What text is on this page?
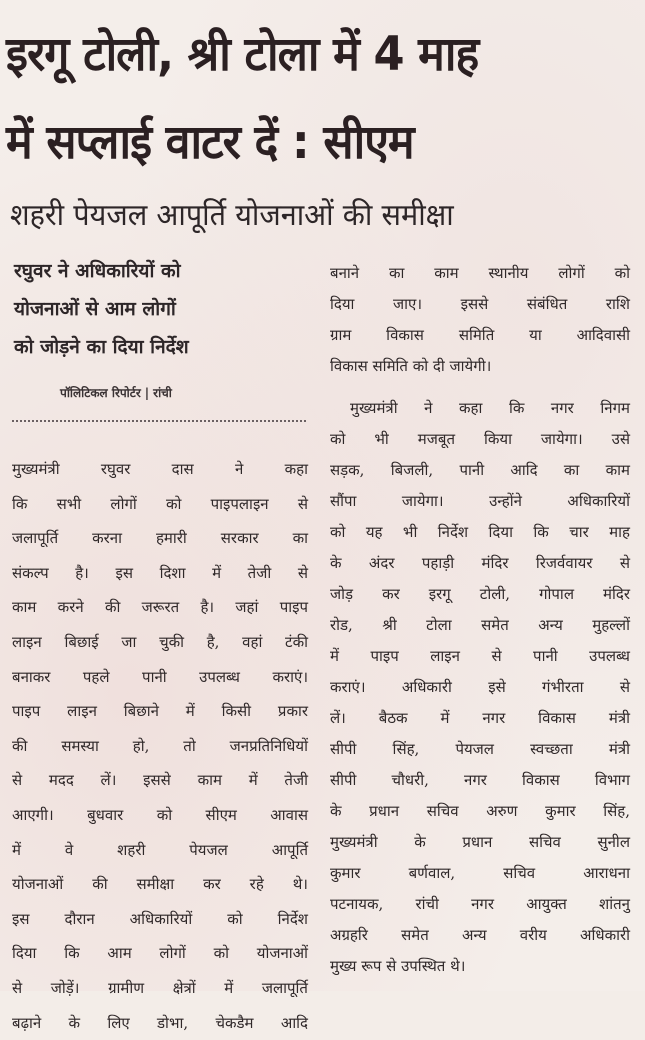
इरगू टोली, श्री टोला में 4 माह
में सप्लाई वाटर दें : सीएम
शहरी पेयजल आपूर्ति योजनाओं की समीक्षा
रघुवर ने अधिकारियों को
योजनाओं से आम लोगों
को जोड़ने का दिया निर्देश
पॉलिटिकल रिपोर्टर | रांची
मुख्यमंत्री रघुवर दास ने कहा
कि सभी लोगों को पाइपलाइन से
जलापूर्ति करना हमारी सरकार का
संकल्प है। इस दिशा में तेजी से
काम करने की जरूरत है। जहां पाइप
लाइन बिछाई जा चुकी है, वहां टंकी
बनाकर पहले पानी उपलब्ध कराएं।
पाइप लाइन बिछाने में किसी प्रकार
की समस्या हो, तो जनप्रतिनिधियों
से मदद लें। इससे काम में तेजी
आएगी। बुधवार को सीएम आवास
में वे शहरी पेयजल आपूर्ति
योजनाओं की समीक्षा कर रहे थे।
इस दौरान अधिकारियों को निर्देश
दिया कि आम लोगों को योजनाओं
से जोड़ें। ग्रामीण क्षेत्रों में जलापूर्ति
बढ़ाने के लिए डोभा, चेकडैम आदि
बनाने का काम स्थानीय लोगों को
दिया जाए। इससे संबंधित राशि
ग्राम विकास समिति या आदिवासी
विकास समिति को दी जायेगी।
मुख्यमंत्री ने कहा कि नगर निगम
को भी मजबूत किया जायेगा। उसे
सड़क, बिजली, पानी आदि का काम
सौंपा जायेगा। उन्होंने अधिकारियों
को यह भी निर्देश दिया कि चार माह
के अंदर पहाड़ी मंदिर रिजर्ववायर से
जोड़ कर इरगू टोली, गोपाल मंदिर
रोड, श्री टोला समेत अन्य मुहल्लों
में पाइप लाइन से पानी उपलब्ध
कराएं। अधिकारी इसे गंभीरता से
लें। बैठक में नगर विकास मंत्री
सीपी सिंह, पेयजल स्वच्छता मंत्री
सीपी चौधरी, नगर विकास विभाग
के प्रधान सचिव अरुण कुमार सिंह,
मुख्यमंत्री के प्रधान सचिव सुनील
कुमार बर्णवाल, सचिव आराधना
पटनायक, रांची नगर आयुक्त शांतनु
अग्रहरि समेत अन्य वरीय अधिकारी
मुख्य रूप से उपस्थित थे।
